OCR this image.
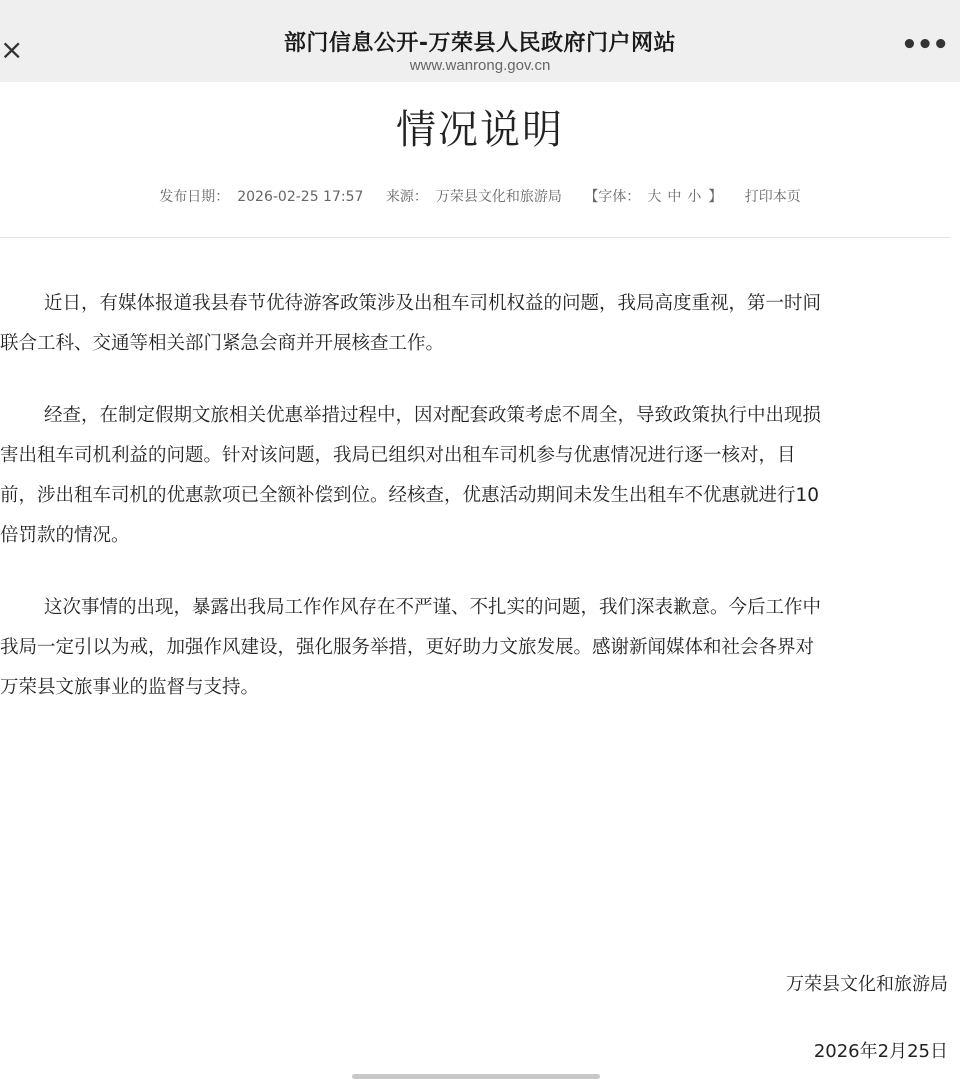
×	部门信息公开-万荣县人民政府门户网站
www.wanrong.gov.cn
•••
情况说明
发布日期： 2026-02-25 17:57 来源： 万荣县文化和旅游局 【字体： 大 中 小 】 打印本页
近日，有媒体报道我县春节优待游客政策涉及出租车司机权益的问题，我局高度重视，第一时间
联合工科、交通等相关部门紧急会商并开展核查工作。
经查，在制定假期文旅相关优惠举措过程中，因对配套政策考虑不周全，导致政策执行中出现损
害出租车司机利益的问题。针对该问题，我局已组织对出租车司机参与优惠情况进行逐一核对，目
前，涉出租车司机的优惠款项已全额补偿到位。经核查，优惠活动期间未发生出租车不优惠就进行10
倍罚款的情况。
这次事情的出现，暴露出我局工作作风存在不严谨、不扎实的问题，我们深表歉意。今后工作中
我局一定引以为戒，加强作风建设，强化服务举措，更好助力文旅发展。感谢新闻媒体和社会各界对
万荣县文旅事业的监督与支持。
万荣县文化和旅游局
2026年2月25日
